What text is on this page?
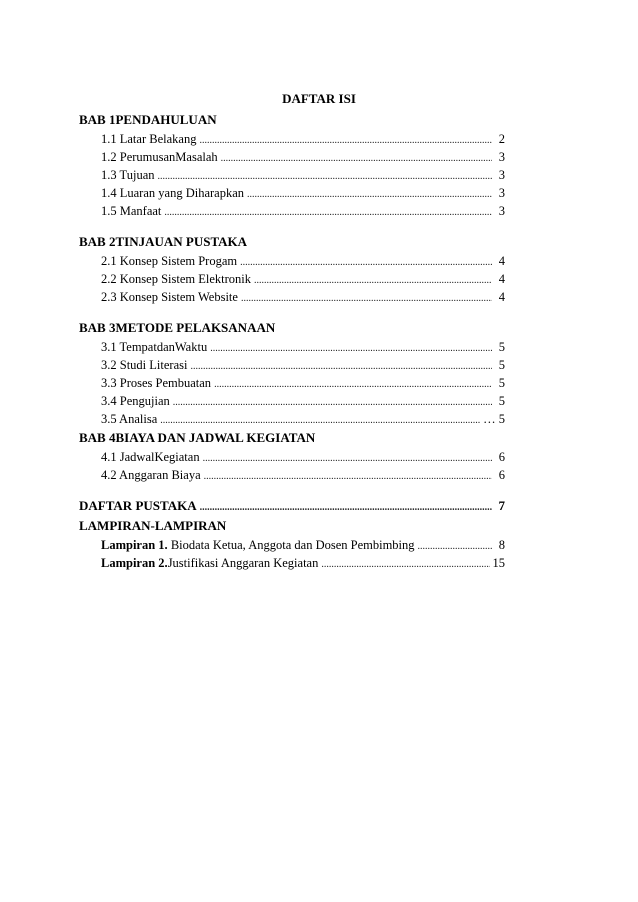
DAFTAR ISI
BAB 1PENDAHULUAN
1.1 Latar Belakang .....	2
1.2 PerumusanMasalah .....	3
1.3 Tujuan .....	3
1.4 Luaran yang Diharapkan .....	3
1.5 Manfaat .....	3
BAB 2TINJAUAN PUSTAKA
2.1 Konsep Sistem Progam .....	4
2.2 Konsep Sistem Elektronik .....	4
2.3 Konsep Sistem Website .....	4
BAB 3METODE PELAKSANAAN
3.1 TempatdanWaktu .....	5
3.2 Studi Literasi .....	5
3.3 Proses Pembuatan .....	5
3.4 Pengujian .....	5
3.5 Analisa .....	… 5
BAB 4BIAYA DAN JADWAL KEGIATAN
4.1 JadwalKegiatan .....	6
4.2 Anggaran Biaya .....	6
DAFTAR PUSTAKA .....	7
LAMPIRAN-LAMPIRAN
Lampiran 1. Biodata Ketua, Anggota dan Dosen Pembimbing .....	8
Lampiran 2.Justifikasi Anggaran Kegiatan .....	15
